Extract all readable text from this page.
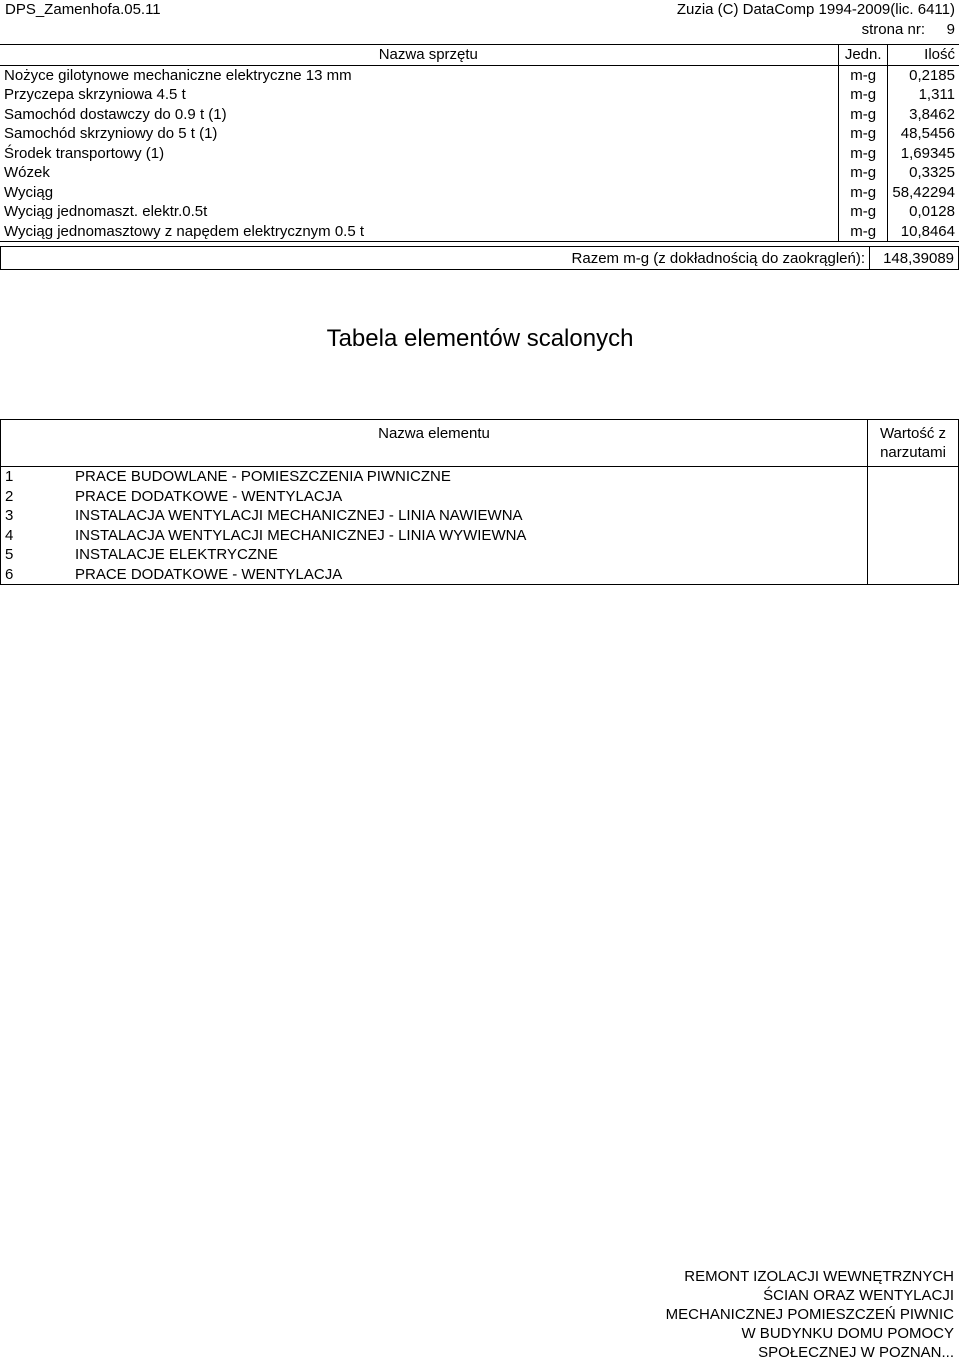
DPS_Zamenhofa.05.11	Zuzia (C) DataComp 1994-2009(lic. 6411)
strona nr: 9
Nazwa sprzętu	Jedn.	Ilość
Nożyce gilotynowe mechaniczne elektryczne 13 mm	m-g	0,2185
Przyczepa skrzyniowa 4.5 t	m-g	1,311
Samochód dostawczy do 0.9 t (1)	m-g	3,8462
Samochód skrzyniowy do 5 t (1)	m-g	48,5456
Środek transportowy (1)	m-g	1,69345
Wózek	m-g	0,3325
Wyciąg	m-g	58,42294
Wyciąg jednomaszt. elektr.0.5t	m-g	0,0128
Wyciąg jednomasztowy z napędem elektrycznym 0.5 t	m-g	10,8464
Razem m-g (z dokładnością do zaokrągleń):	148,39089
Tabela elementów scalonych
Nazwa elementu	Wartość z
narzutami

1 PRACE BUDOWLANE - POMIESZCZENIA PIWNICZNE	
2 PRACE DODATKOWE - WENTYLACJA	
3 INSTALACJA WENTYLACJI MECHANICZNEJ - LINIA NAWIEWNA	
4 INSTALACJA WENTYLACJI MECHANICZNEJ - LINIA WYWIEWNA	
5 INSTALACJE ELEKTRYCZNE	
6 PRACE DODATKOWE - WENTYLACJA	
REMONT IZOLACJI WEWNĘTRZNYCH
ŚCIAN ORAZ WENTYLACJI
MECHANICZNEJ POMIESZCZEŃ PIWNIC
W BUDYNKU DOMU POMOCY
SPOŁECZNEJ W POZNAN...
